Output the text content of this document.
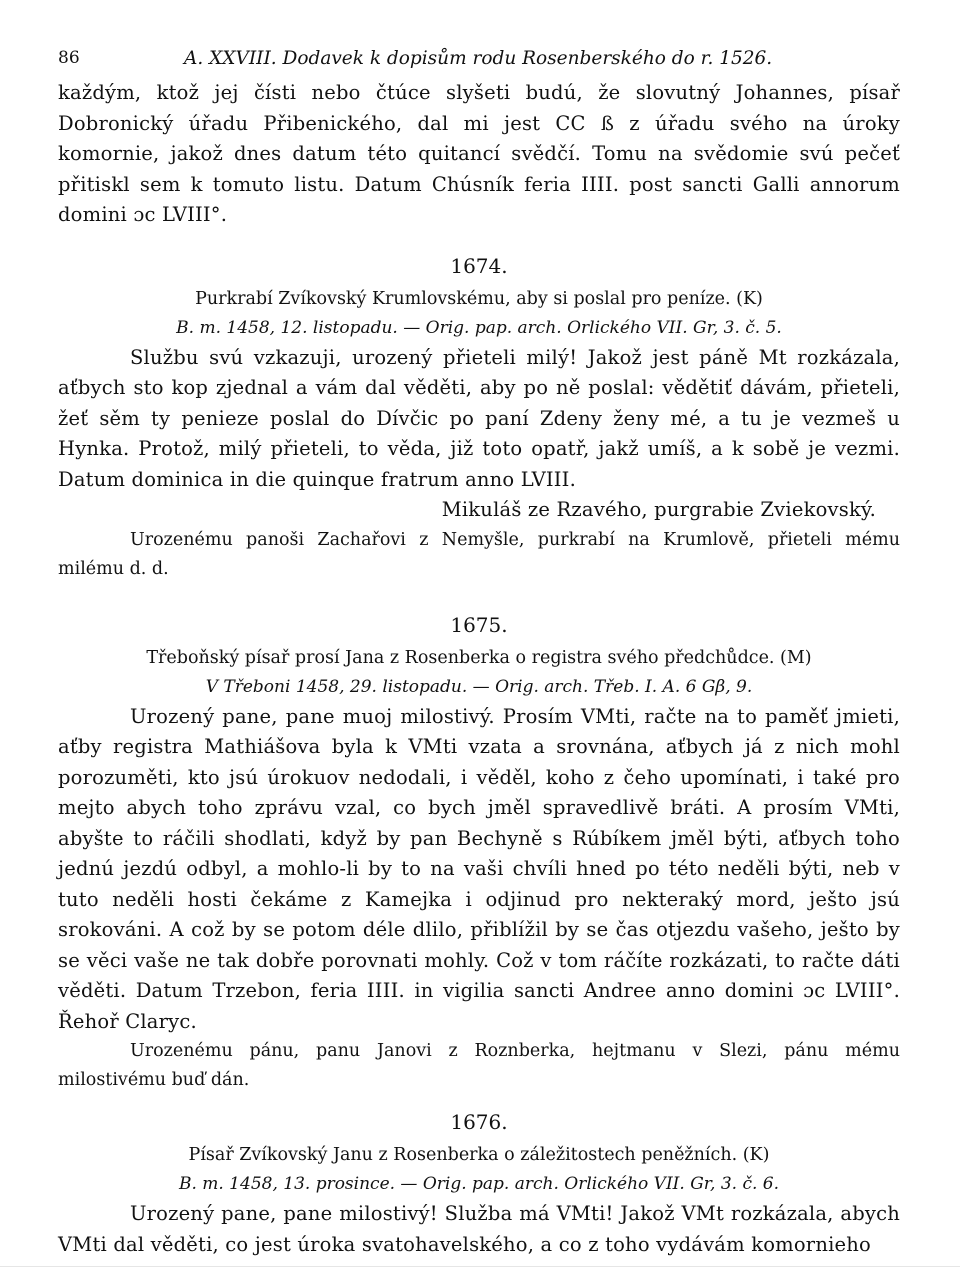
86	A. XXVIII. Dodavek k dopisům rodu Rosenberského do r. 1526.

každým, ktož jej čísti nebo čtúce slyšeti budú, že slovutný Johannes, písař Dobronický úřadu Přibenického, dal mi jest CC ß z úřadu svého na úroky komornie, jakož dnes datum této quitancí svědčí. Tomu na svědomie svú pečeť přitiskl sem k tomuto listu. Datum Chúsník feria IIII. post sancti Galli annorum domini ɔc LVIII°.

1674.

Purkrabí Zvíkovský Krumlovskému, aby si poslal pro peníze. (K)

B. m. 1458, 12. listopadu. — Orig. pap. arch. Orlického VII. Gr, 3. č. 5.

Službu svú vzkazuji, urozený přieteli milý! Jakož jest páně Mt rozkázala, aťbych sto kop zjednal a vám dal věděti, aby po ně poslal: vědětiť dávám, přieteli, žeť sěm ty penieze poslal do Dívčic po paní Zdeny ženy mé, a tu je vezmeš u Hynka. Protož, milý přieteli, to věda, již toto opatř, jakž umíš, a k sobě je vezmi. Datum dominica in die quinque fratrum anno LVIII.

Mikuláš ze Rzavého, purgrabie Zviekovský.

Urozenému panoši Zachařovi z Nemyšle, purkrabí na Krumlově, přieteli mému milému d. d.

1675.

Třeboňský písař prosí Jana z Rosenberka o registra svého předchůdce. (M)

V Třeboni 1458, 29. listopadu. — Orig. arch. Třeb. I. A. 6 Gβ, 9.

Urozený pane, pane muoj milostivý. Prosím VMti, račte na to paměť jmieti, aťby registra Mathiášova byla k VMti vzata a srovnána, aťbych já z nich mohl porozuměti, kto jsú úrokuov nedodali, i věděl, koho z čeho upomínati, i také pro mejto abych toho zprávu vzal, co bych jměl spravedlivě bráti. A prosím VMti, abyšte to ráčili shodlati, když by pan Bechyně s Rúbíkem jměl býti, aťbych toho jednú jezdú odbyl, a mohlo-li by to na vaši chvíli hned po této neděli býti, neb v tuto neděli hosti čekáme z Kamejka i odjinud pro nekteraký mord, ješto jsú srokováni. A což by se potom déle dlilo, přiblížil by se čas otjezdu vašeho, ješto by se věci vaše ne tak dobře porovnati mohly. Což v tom ráčíte rozkázati, to račte dáti věděti. Datum Trzebon, feria IIII. in vigilia sancti Andree anno domini ɔc LVIII°. Řehoř Claryc.

Urozenému pánu, panu Janovi z Roznberka, hejtmanu v Slezi, pánu mému milostivému buď dán.

1676.

Písař Zvíkovský Janu z Rosenberka o záležitostech peněžních. (K)

B. m. 1458, 13. prosince. — Orig. pap. arch. Orlického VII. Gr, 3. č. 6.

Urozený pane, pane milostivý! Služba má VMti! Jakož VMt rozkázala, abych VMti dal věděti, co jest úroka svatohavelského, a co z toho vydávám komornieho
